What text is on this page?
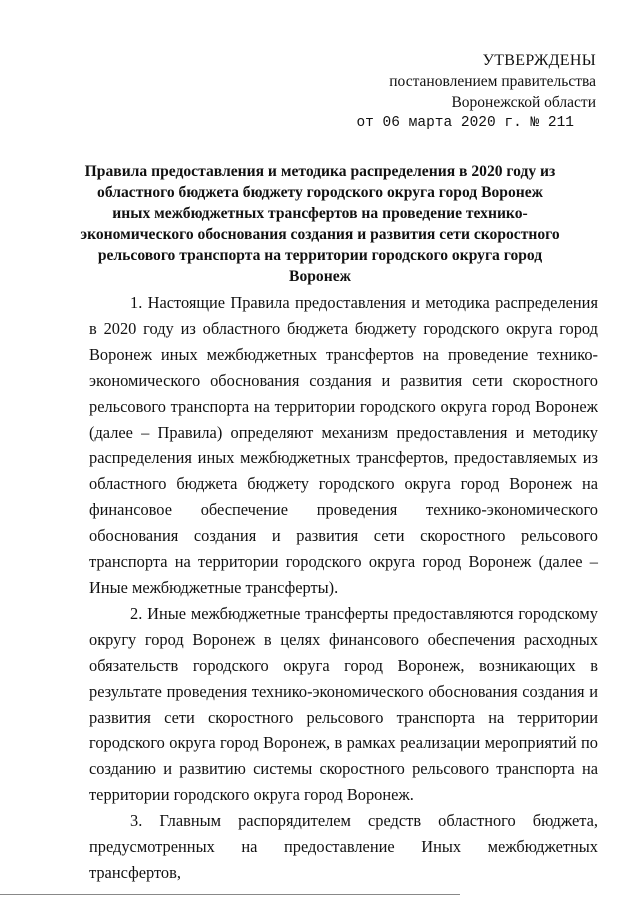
УТВЕРЖДЕНЫ
постановлением правительства
Воронежской области
от 06 марта 2020 г. № 211
Правила предоставления и методика распределения в 2020 году из областного бюджета бюджету городского округа город Воронеж иных межбюджетных трансфертов на проведение технико-экономического обоснования создания и развития сети скоростного рельсового транспорта на территории городского округа город Воронеж

1. Настоящие Правила предоставления и методика распределения в 2020 году из областного бюджета бюджету городского округа город Воронеж иных межбюджетных трансфертов на проведение технико-экономического обоснования создания и развития сети скоростного рельсового транспорта на территории городского округа город Воронеж (далее – Правила) определяют механизм предоставления и методику распределения иных межбюджетных трансфертов, предоставляемых из областного бюджета бюджету городского округа город Воронеж на финансовое обеспечение проведения технико-экономического обоснования создания и развития сети скоростного рельсового транспорта на территории городского округа город Воронеж (далее – Иные межбюджетные трансферты).

2. Иные межбюджетные трансферты предоставляются городскому округу город Воронеж в целях финансового обеспечения расходных обязательств городского округа город Воронеж, возникающих в результате проведения технико-экономического обоснования создания и развития сети скоростного рельсового транспорта на территории городского округа город Воронеж, в рамках реализации мероприятий по созданию и развитию системы скоростного рельсового транспорта на территории городского округа город Воронеж.

3. Главным распорядителем средств областного бюджета, предусмотренных на предоставление Иных межбюджетных трансфертов,
